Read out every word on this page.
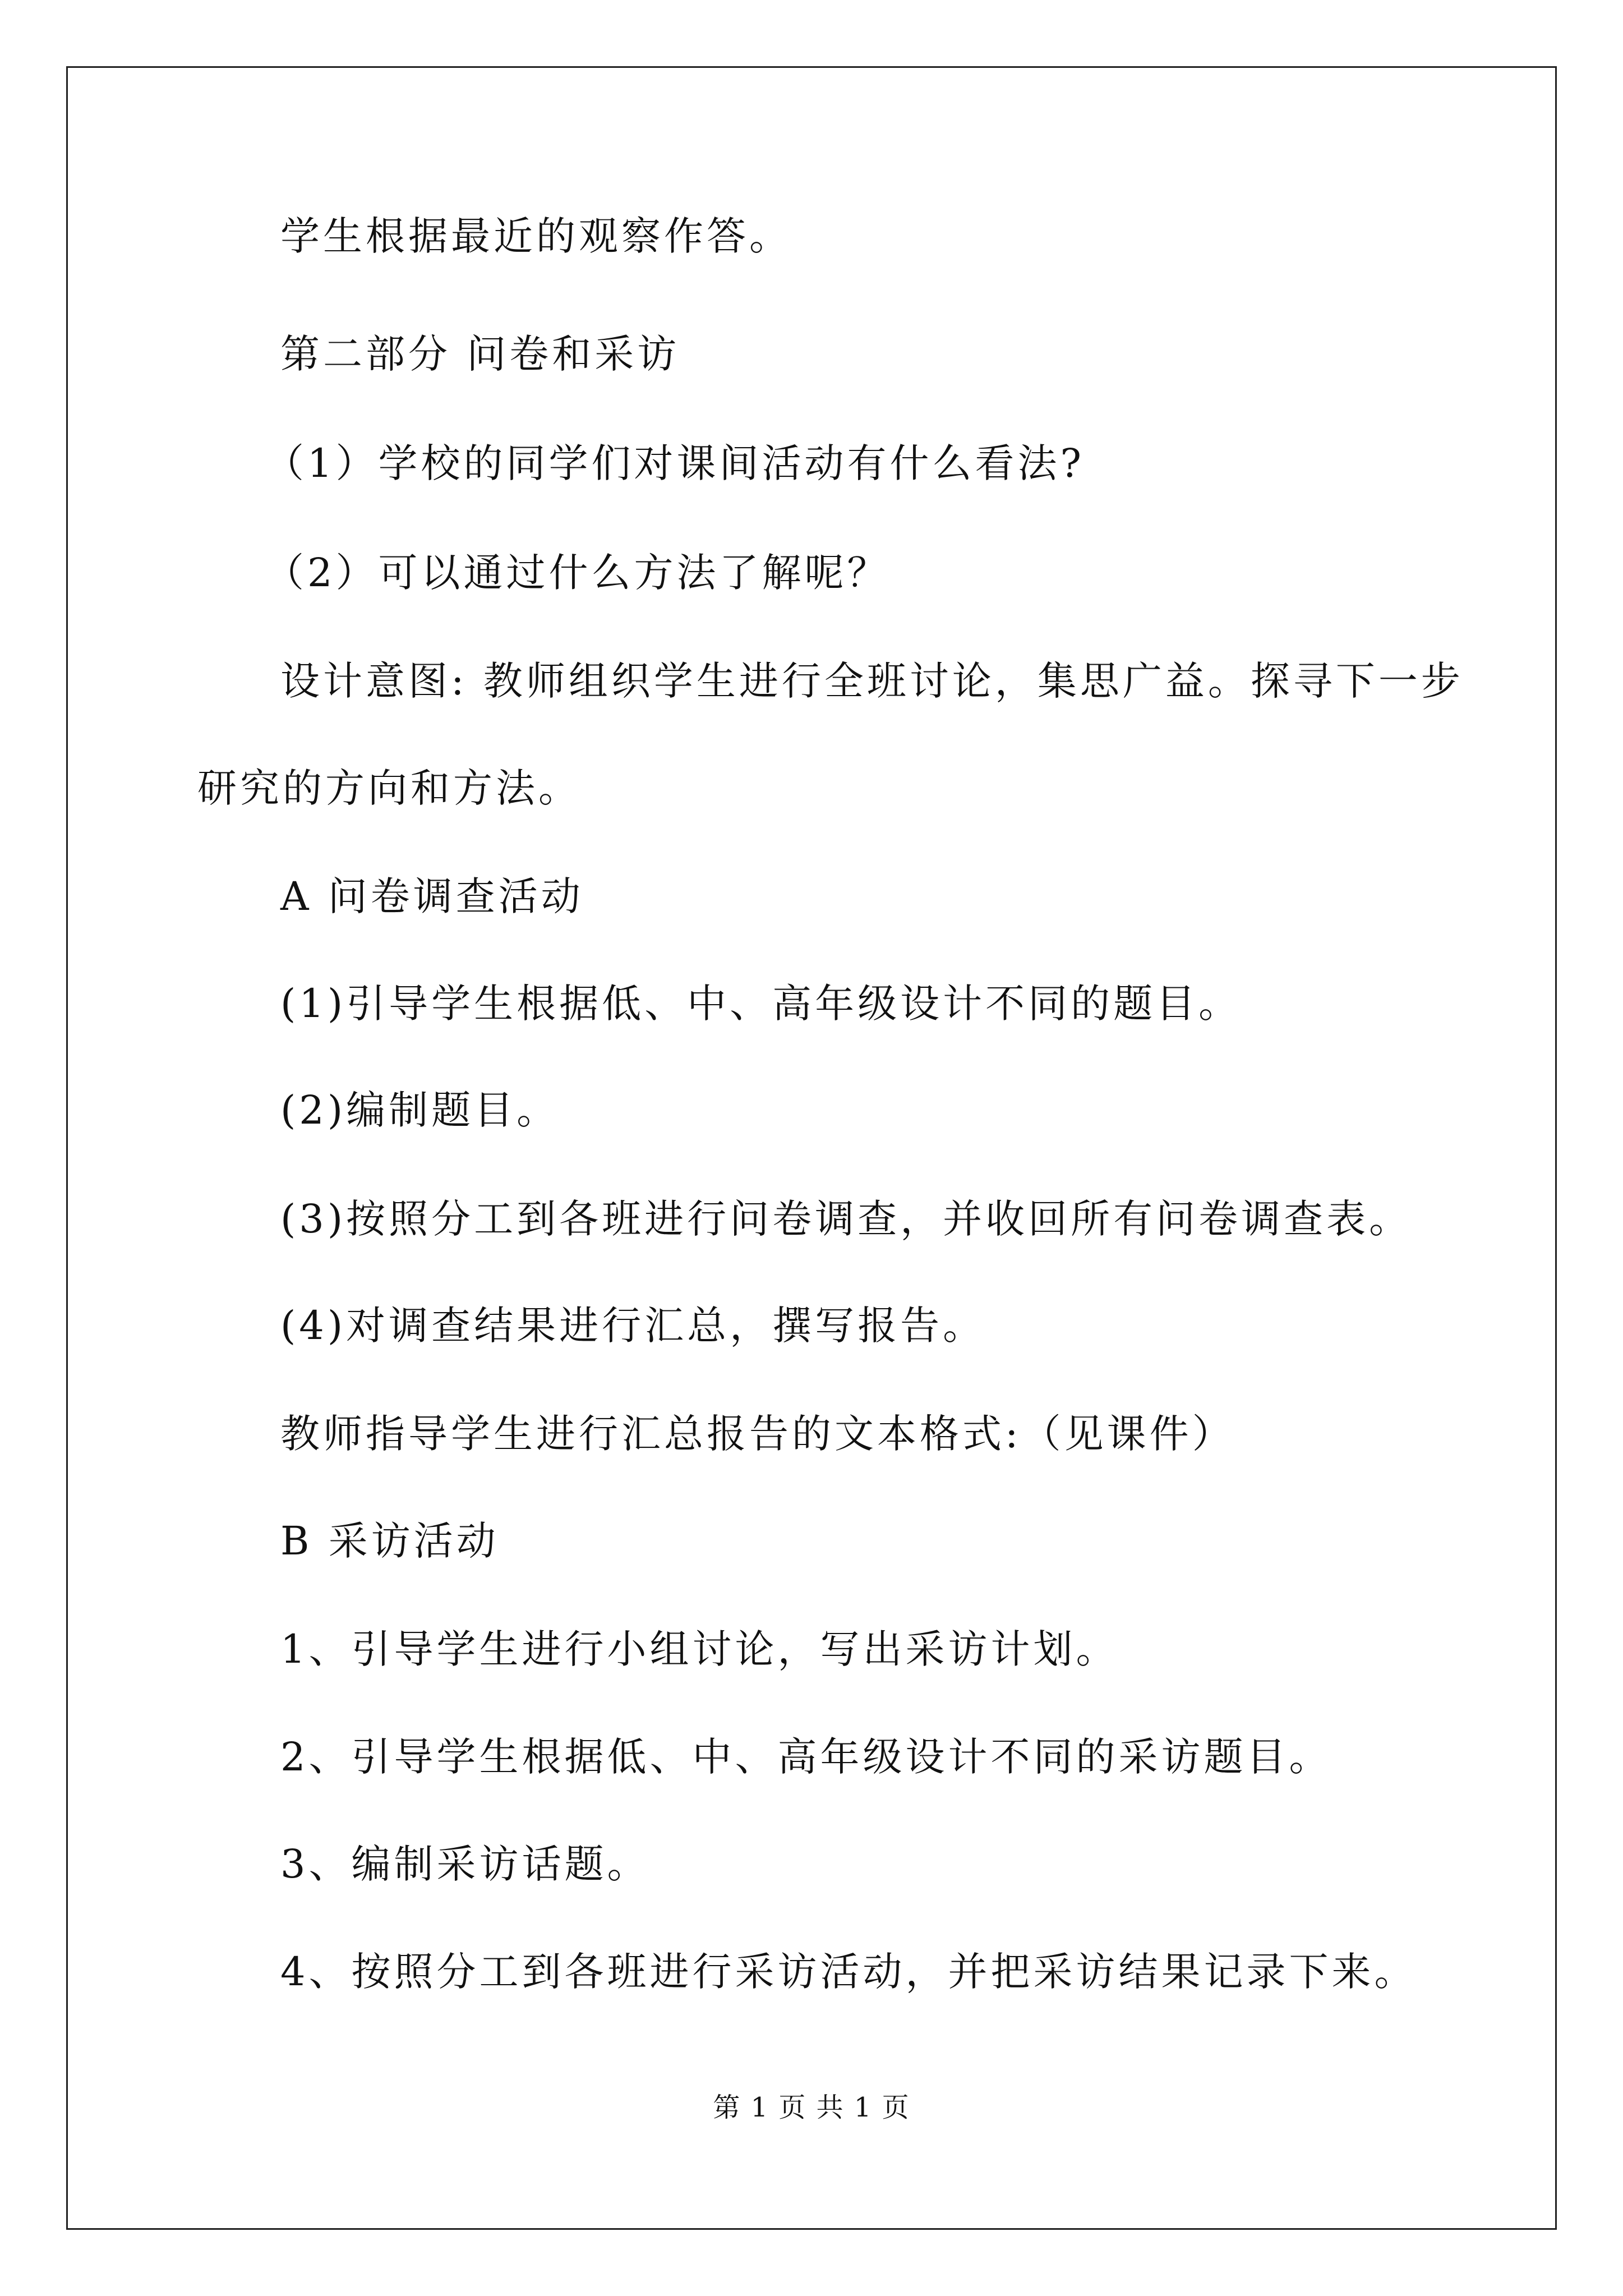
学生根据最近的观察作答。
第二部分 问卷和采访
（1）学校的同学们对课间活动有什么看法?
（2）可以通过什么方法了解呢？
设计意图: 教师组织学生进行全班讨论，集思广益。探寻下一步
研究的方向和方法。
A 问卷调查活动
(1)引导学生根据低、中、高年级设计不同的题目。
(2)编制题目。
(3)按照分工到各班进行问卷调查，并收回所有问卷调查表。
(4)对调查结果进行汇总，撰写报告。
教师指导学生进行汇总报告的文本格式:（见课件）
B 采访活动
1、引导学生进行小组讨论，写出采访计划。
2、引导学生根据低、中、高年级设计不同的采访题目。
3、编制采访话题。
4、按照分工到各班进行采访活动，并把采访结果记录下来。
第 1 页 共 1 页
